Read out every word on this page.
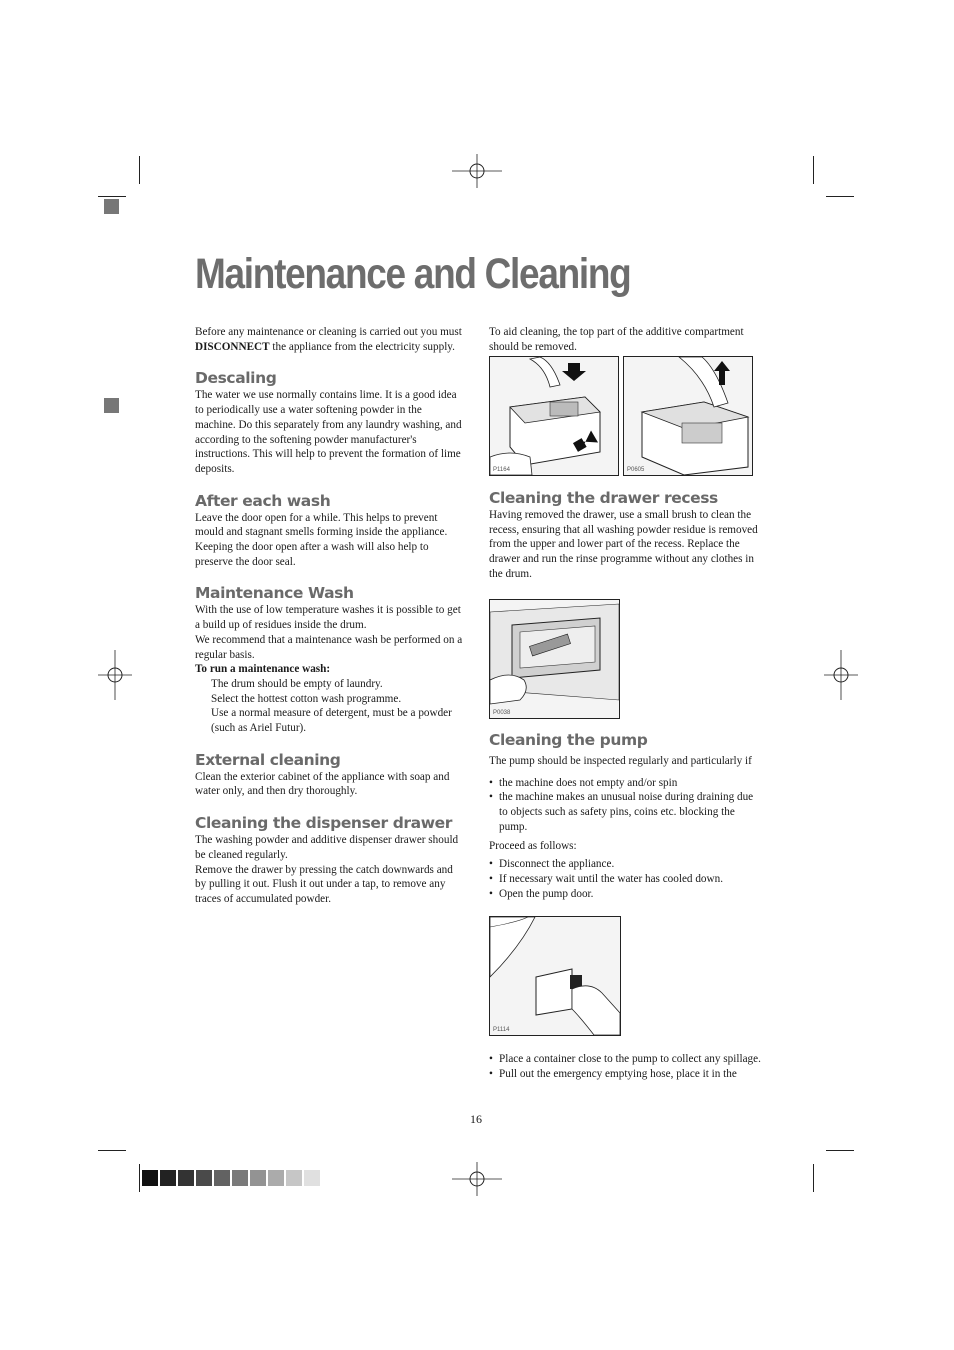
Maintenance and Cleaning

Before any maintenance or cleaning is carried out you must DISCONNECT the appliance from the electricity supply.

Descaling

The water we use normally contains lime. It is a good idea to periodically use a water softening powder in the machine. Do this separately from any laundry washing, and according to the softening powder manufacturer's instructions. This will help to prevent the formation of lime deposits.

After each wash

Leave the door open for a while. This helps to prevent mould and stagnant smells forming inside the appliance. Keeping the door open after a wash will also help to preserve the door seal.

Maintenance Wash

With the use of low temperature washes it is possible to get a build up of residues inside the drum.

We recommend that a maintenance wash be performed on a regular basis.

To run a maintenance wash:

The drum should be empty of laundry.

Select the hottest cotton wash programme.

Use a normal measure of detergent, must be a powder (such as Ariel Futur).

External cleaning

Clean the exterior cabinet of the appliance with soap and water only, and then dry thoroughly.

Cleaning the dispenser drawer

The washing powder and additive dispenser drawer should be cleaned regularly.

Remove the drawer by pressing the catch downwards and by pulling it out. Flush it out under a tap, to remove any traces of accumulated powder.

To aid cleaning, the top part of the additive compartment should be removed.

P1164	P0605
Cleaning the drawer recess

Having removed the drawer, use a small brush to clean the recess, ensuring that all washing powder residue is removed from the upper and lower part of the recess. Replace the drawer and run the rinse programme without any clothes in the drum.

P0038
Cleaning the pump

The pump should be inspected regularly and particularly if

• the machine does not empty and/or spin
• the machine makes an unusual noise during draining due to objects such as safety pins, coins etc. blocking the pump.

Proceed as follows:

• Disconnect the appliance.
• If necessary wait until the water has cooled down.
• Open the pump door.
P1114
• Place a container close to the pump to collect any spillage.
• Pull out the emergency emptying hose, place it in the
16
